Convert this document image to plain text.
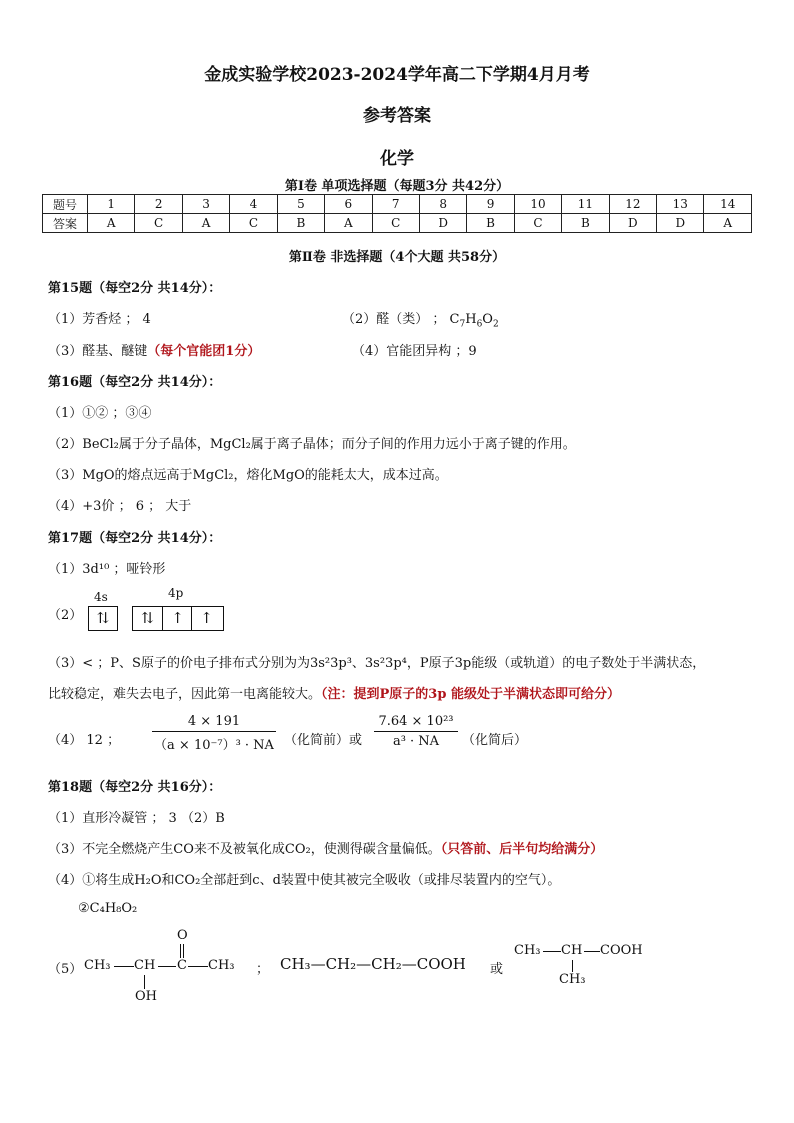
金成实验学校2023-2024学年高二下学期4月月考
参考答案
化学
第Ⅰ卷 单项选择题（每题3分 共42分）
题号	1	2	3	4	5	6	7	8	9	10	11	12	13	14
答案	A	C	A	C	B	A	C	D	B	C	B	D	D	A
第Ⅱ卷 非选择题（4个大题 共58分）
第15题（每空2分 共14分）：
（1）芳香烃 ； 4	（2）醛（类） ； $C_7H_6O_2$
（3）醛基、醚键（每个官能团1分）	（4）官能团异构 ；9
第16题（每空2分 共14分）：
（1）①② ；③④
（2）BeCl₂属于分子晶体，MgCl₂属于离子晶体；而分子间的作用力远小于离子键的作用。
（3）MgO的熔点远高于MgCl₂，熔化MgO的能耗太大，成本过高。
（4）+3价 ； 6 ； 大于
第17题（每空2分 共14分）：
（1）3d¹⁰ ；哑铃形
（2）
4s	4p
⇅	⇅	↑	↑
（3）< ；P、S原子的价电子排布式分别为为3s²3p³、3s²3p⁴，P原子3p能级（或轨道）的电子数处于半满状态，
比较稳定，难失去电子，因此第一电离能较大。（注：提到P原子的3p 能级处于半满状态即可给分）
（4） 12 ；
4 × 191
（a × 10⁻⁷）³ · NA （化简前）或
7.64 × 10²³
a³ · NA	（化简后）
第18题（每空2分 共16分）：
（1）直形冷凝管 ； 3 （2）B
（3）不完全燃烧产生CO来不及被氧化成CO₂，使测得碳含量偏低。（只答前、后半句均给满分）
（4）①将生成H₂O和CO₂全部赶到c、d装置中使其被完全吸收（或排尽装置内的空气）。
②C₄H₈O₂
（5） CH₃ CH C CH₃
O
OH
； CH₃—CH₂—CH₂—COOH 或
CH₃ CH COOH
CH₃
